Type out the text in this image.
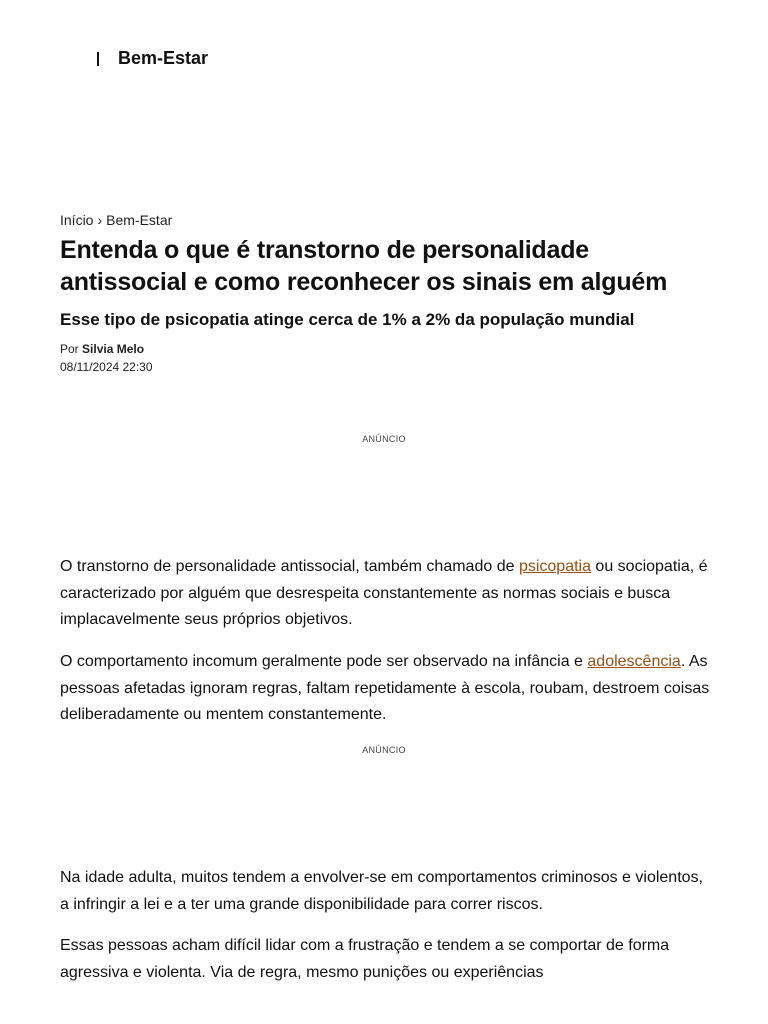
Bem-Estar
Início › Bem-Estar
Entenda o que é transtorno de personalidade antissocial e como reconhecer os sinais em alguém
Esse tipo de psicopatia atinge cerca de 1% a 2% da população mundial
Por Silvia Melo
08/11/2024 22:30
ANÚNCIO

O transtorno de personalidade antissocial, também chamado de psicopatia ou sociopatia, é caracterizado por alguém que desrespeita constantemente as normas sociais e busca implacavelmente seus próprios objetivos.

O comportamento incomum geralmente pode ser observado na infância e adolescência. As pessoas afetadas ignoram regras, faltam repetidamente à escola, roubam, destroem coisas deliberadamente ou mentem constantemente.

ANÚNCIO

Na idade adulta, muitos tendem a envolver-se em comportamentos criminosos e violentos, a infringir a lei e a ter uma grande disponibilidade para correr riscos.

Essas pessoas acham difícil lidar com a frustração e tendem a se comportar de forma agressiva e violenta. Via de regra, mesmo punições ou experiências
